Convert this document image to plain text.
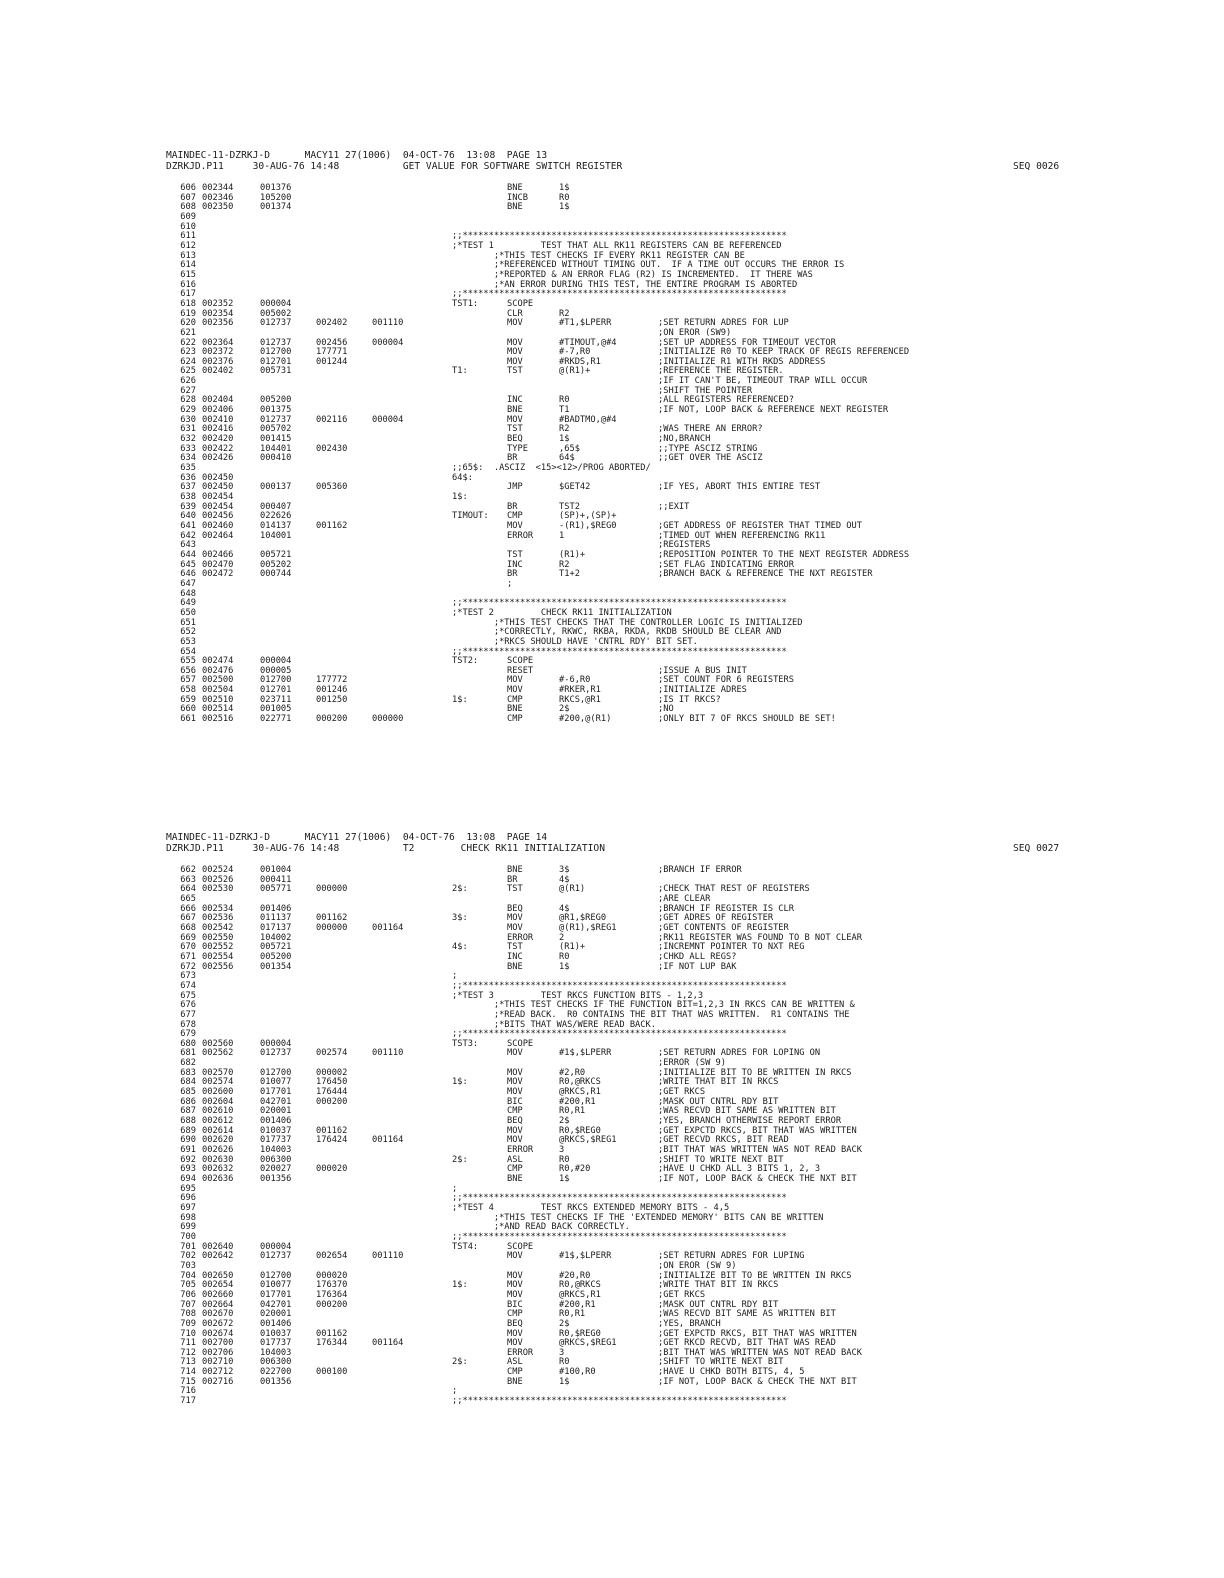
MAINDEC-11-DZRKJ-D      MACY11 27(1006)  04-OCT-76  13:08  PAGE 13
DZRKJD.P11     30-AUG-76 14:48           GET VALUE FOR SOFTWARE SWITCH REGISTER	SEQ 0026
606 002344	001376	BNE	1$
607 002346	105200	INCB	R0
608 002350	001374	BNE	1$
609
610
611	;;**************************************************************
612	;*TEST 1         TEST THAT ALL RK11 REGISTERS CAN BE REFERENCED
613	;*THIS TEST CHECKS IF EVERY RK11 REGISTER CAN BE
614	;*REFERENCED WITHOUT TIMING OUT.  IF A TIME OUT OCCURS THE ERROR IS
615	;*REPORTED & AN ERROR FLAG (R2) IS INCREMENTED.  IT THERE WAS
616	;*AN ERROR DURING THIS TEST, THE ENTIRE PROGRAM IS ABORTED
617	;;**************************************************************
618 002352	000004	TST1:	SCOPE
619 002354	005002	CLR	R2
620 002356	012737	002402	001110	MOV	#T1,$LPERR	;SET RETURN ADRES FOR LUP
621	;ON EROR (SW9)
622 002364	012737	002456	000004	MOV	#TIMOUT,@#4	;SET UP ADDRESS FOR TIMEOUT VECTOR
623 002372	012700	177771	MOV	#-7,R0	;INITIALIZE R0 TO KEEP TRACK OF REGIS REFERENCED
624 002376	012701	001244	MOV	#RKDS,R1	;INITIALIZE R1 WITH RKDS ADDRESS
625 002402	005731	T1:	TST	@(R1)+	;REFERENCE THE REGISTER.
626	;IF IT CAN'T BE, TIMEOUT TRAP WILL OCCUR
627	;SHIFT THE POINTER
628 002404	005200	INC	R0	;ALL REGISTERS REFERENCED?
629 002406	001375	BNE	T1	;IF NOT, LOOP BACK & REFERENCE NEXT REGISTER
630 002410	012737	002116	000004	MOV	#BADTMO,@#4
631 002416	005702	TST	R2	;WAS THERE AN ERROR?
632 002420	001415	BEQ	1$	;NO,BRANCH
633 002422	104401	002430	TYPE	,65$	;;TYPE ASCIZ STRING
634 002426	000410	BR	64$	;;GET OVER THE ASCIZ
635	;;65$:  .ASCIZ  <15><12>/PROG ABORTED/
636 002450	64$:
637 002450	000137	005360	JMP	$GET42	;IF YES, ABORT THIS ENTIRE TEST
638 002454	1$:
639 002454	000407	BR	TST2	;;EXIT
640 002456	022626	TIMOUT: CMP	(SP)+,(SP)+
641 002460	014137	001162	MOV	-(R1),$REG0	;GET ADDRESS OF REGISTER THAT TIMED OUT
642 002464	104001	ERROR	1	;TIMED OUT WHEN REFERENCING RK11
643	;REGISTERS
644 002466	005721	TST	(R1)+	;REPOSITION POINTER TO THE NEXT REGISTER ADDRESS
645 002470	005202	INC	R2	;SET FLAG INDICATING ERROR
646 002472	000744	BR	T1+2	;BRANCH BACK & REFERENCE THE NXT REGISTER
647	;
648
649	;;**************************************************************
650	;*TEST 2         CHECK RK11 INITIALIZATION
651	;*THIS TEST CHECKS THAT THE CONTROLLER LOGIC IS INITIALIZED
652	;*CORRECTLY, RKWC, RKBA, RKDA, RKDB SHOULD BE CLEAR AND
653	;*RKCS SHOULD HAVE 'CNTRL RDY' BIT SET.
654	;;**************************************************************
655 002474	000004	TST2:	SCOPE
656 002476	000005	RESET	;ISSUE A BUS INIT
657 002500	012700	177772	MOV	#-6,R0	;SET COUNT FOR 6 REGISTERS
658 002504	012701	001246	MOV	#RKER,R1	;INITIALIZE ADRES
659 002510	023711	001250	1$:	CMP	RKCS,@R1	;IS IT RKCS?
660 002514	001005	BNE	2$	;NO
661 002516	022771	000200	000000	CMP	#200,@(R1)	;ONLY BIT 7 OF RKCS SHOULD BE SET!
MAINDEC-11-DZRKJ-D      MACY11 27(1006)  04-OCT-76  13:08  PAGE 14
DZRKJD.P11     30-AUG-76 14:48           T2        CHECK RK11 INITIALIZATION	SEQ 0027
662 002524	001004	BNE	3$	;BRANCH IF ERROR
663 002526	000411	BR	4$
664 002530	005771	000000	2$:	TST	@(R1)	;CHECK THAT REST OF REGISTERS
665	;ARE CLEAR
666 002534	001406	BEQ	4$	;BRANCH IF REGISTER IS CLR
667 002536	011137	001162	3$:	MOV	@R1,$REG0	;GET ADRES OF REGISTER
668 002542	017137	000000	001164	MOV	@(R1),$REG1	;GET CONTENTS OF REGISTER
669 002550	104002	ERROR	2	;RK11 REGISTER WAS FOUND TO B NOT CLEAR
670 002552	005721	4$:	TST	(R1)+	;INCREMNT POINTER TO NXT REG
671 002554	005200	INC	R0	;CHKD ALL REGS?
672 002556	001354	BNE	1$	;IF NOT LUP BAK
673	;
674	;;**************************************************************
675	;*TEST 3         TEST RKCS FUNCTION BITS - 1,2,3
676	;*THIS TEST CHECKS IF THE FUNCTION BIT=1,2,3 IN RKCS CAN BE WRITTEN &
677	;*READ BACK.  R0 CONTAINS THE BIT THAT WAS WRITTEN.  R1 CONTAINS THE
678	;*BITS THAT WAS/WERE READ BACK.
679	;;**************************************************************
680 002560	000004	TST3:	SCOPE
681 002562	012737	002574	001110	MOV	#1$,$LPERR	;SET RETURN ADRES FOR LOPING ON
682	;ERROR (SW 9)
683 002570	012700	000002	MOV	#2,R0	;INITIALIZE BIT TO BE WRITTEN IN RKCS
684 002574	010077	176450	1$:	MOV	R0,@RKCS	;WRITE THAT BIT IN RKCS
685 002600	017701	176444	MOV	@RKCS,R1	;GET RKCS
686 002604	042701	000200	BIC	#200,R1	;MASK OUT CNTRL RDY BIT
687 002610	020001	CMP	R0,R1	;WAS RECVD BIT SAME AS WRITTEN BIT
688 002612	001406	BEQ	2$	;YES, BRANCH OTHERWISE REPORT ERROR
689 002614	010037	001162	MOV	R0,$REG0	;GET EXPCTD RKCS, BIT THAT WAS WRITTEN
690 002620	017737	176424	001164	MOV	@RKCS,$REG1	;GET RECVD RKCS, BIT READ
691 002626	104003	ERROR	3	;BIT THAT WAS WRITTEN WAS NOT READ BACK
692 002630	006300	2$:	ASL	R0	;SHIFT TO WRITE NEXT BIT
693 002632	020027	000020	CMP	R0,#20	;HAVE U CHKD ALL 3 BITS 1, 2, 3
694 002636	001356	BNE	1$	;IF NOT, LOOP BACK & CHECK THE NXT BIT
695	;
696	;;**************************************************************
697	;*TEST 4         TEST RKCS EXTENDED MEMORY BITS - 4,5
698	;*THIS TEST CHECKS IF THE 'EXTENDED MEMORY' BITS CAN BE WRITTEN
699	;*AND READ BACK CORRECTLY.
700	;;**************************************************************
701 002640	000004	TST4:	SCOPE
702 002642	012737	002654	001110	MOV	#1$,$LPERR	;SET RETURN ADRES FOR LUPING
703	;ON EROR (SW 9)
704 002650	012700	000020	MOV	#20,R0	;INITIALIZE BIT TO BE WRITTEN IN RKCS
705 002654	010077	176370	1$:	MOV	R0,@RKCS	;WRITE THAT BIT IN RKCS
706 002660	017701	176364	MOV	@RKCS,R1	;GET RKCS
707 002664	042701	000200	BIC	#200,R1	;MASK OUT CNTRL RDY BIT
708 002670	020001	CMP	R0,R1	;WAS RECVD BIT SAME AS WRITTEN BIT
709 002672	001406	BEQ	2$	;YES, BRANCH
710 002674	010037	001162	MOV	R0,$REG0	;GET EXPCTD RKCS, BIT THAT WAS WRITTEN
711 002700	017737	176344	001164	MOV	@RKCS,$REG1	;GET RKCD RECVD, BIT THAT WAS READ
712 002706	104003	ERROR	3	;BIT THAT WAS WRITTEN WAS NOT READ BACK
713 002710	006300	2$:	ASL	R0	;SHIFT TO WRITE NEXT BIT
714 002712	022700	000100	CMP	#100,R0	;HAVE U CHKD BOTH BITS, 4, 5
715 002716	001356	BNE	1$	;IF NOT, LOOP BACK & CHECK THE NXT BIT
716	;
717	;;**************************************************************
